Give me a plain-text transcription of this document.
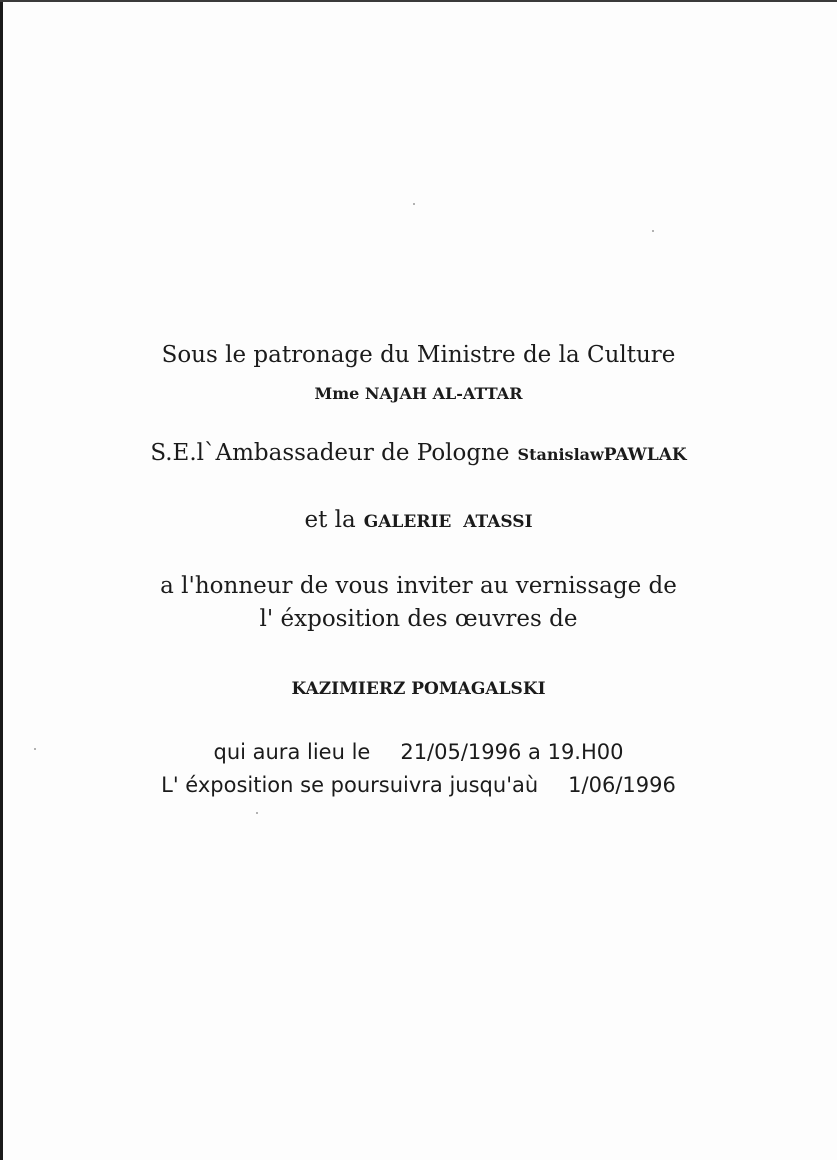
Sous le patronage du Ministre de la Culture
Mme NAJAH AL-ATTAR
S.E.l`Ambassadeur de Pologne StanislawPAWLAK
et la GALERIE  ATASSI
a l'honneur de vous inviter au vernissage de
l' éxposition des œuvres de
KAZIMIERZ POMAGALSKI
qui aura lieu le 21/05/1996 a 19.H00
L' éxposition se poursuivra jusqu'aù 1/06/1996
